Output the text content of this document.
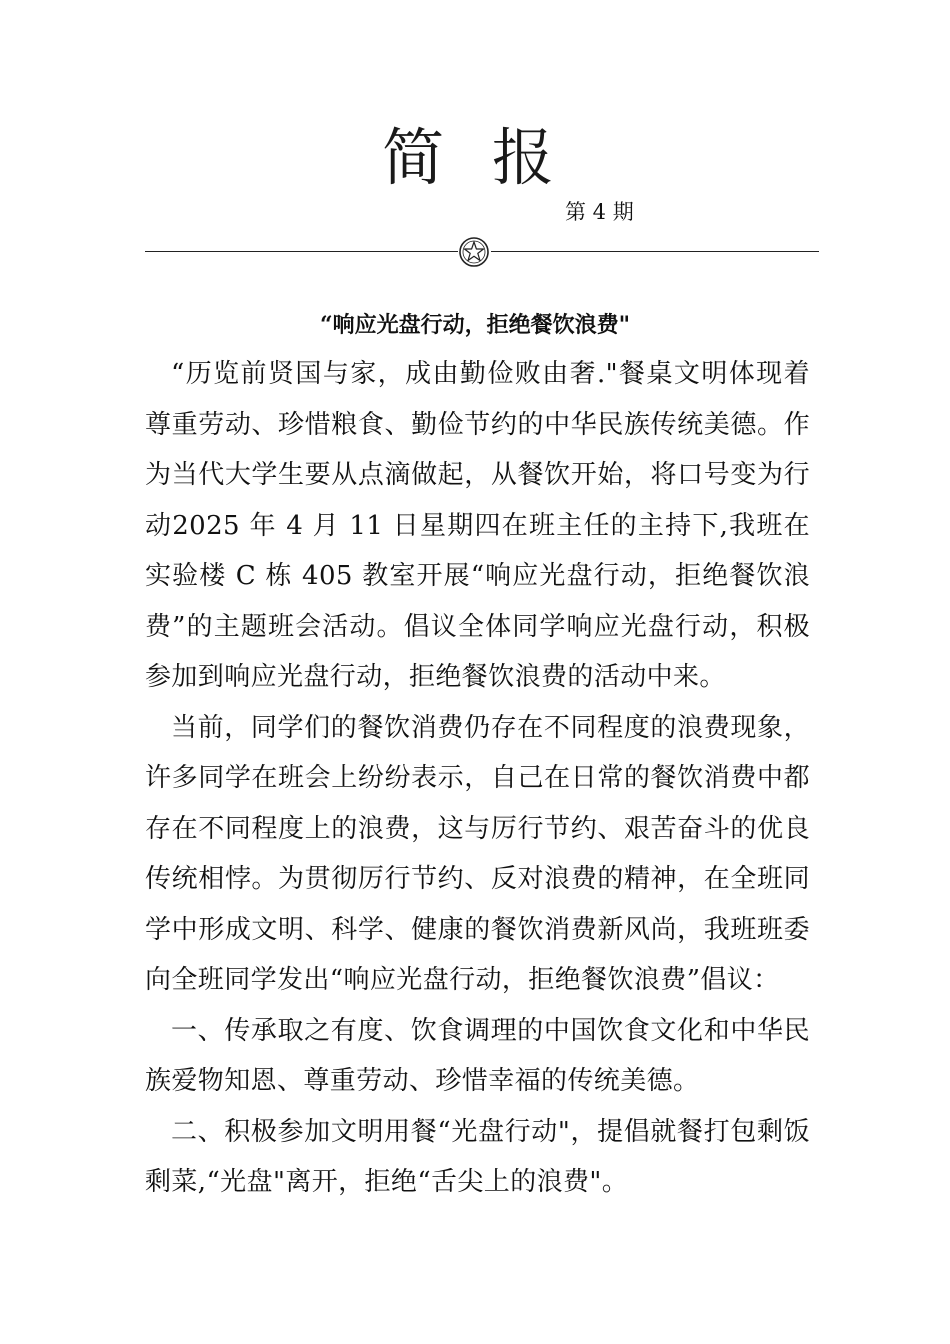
简 报
第 4 期
“响应光盘行动，拒绝餐饮浪费"

“历览前贤国与家，成由勤俭败由奢."餐桌文明体现着尊重劳动、珍惜粮食、勤俭节约的中华民族传统美德。作为当代大学生要从点滴做起，从餐饮开始，将口号变为行动2025 年 4 月 11 日星期四在班主任的主持下,我班在实验楼 C 栋 405 教室开展“响应光盘行动，拒绝餐饮浪费”的主题班会活动。倡议全体同学响应光盘行动，积极参加到响应光盘行动，拒绝餐饮浪费的活动中来。

当前，同学们的餐饮消费仍存在不同程度的浪费现象，许多同学在班会上纷纷表示，自己在日常的餐饮消费中都存在不同程度上的浪费，这与厉行节约、艰苦奋斗的优良传统相悖。为贯彻厉行节约、反对浪费的精神，在全班同学中形成文明、科学、健康的餐饮消费新风尚，我班班委向全班同学发出“响应光盘行动，拒绝餐饮浪费”倡议：

一、传承取之有度、饮食调理的中国饮食文化和中华民族爱物知恩、尊重劳动、珍惜幸福的传统美德。

二、积极参加文明用餐“光盘行动"，提倡就餐打包剩饭剩菜,“光盘"离开，拒绝“舌尖上的浪费"。
